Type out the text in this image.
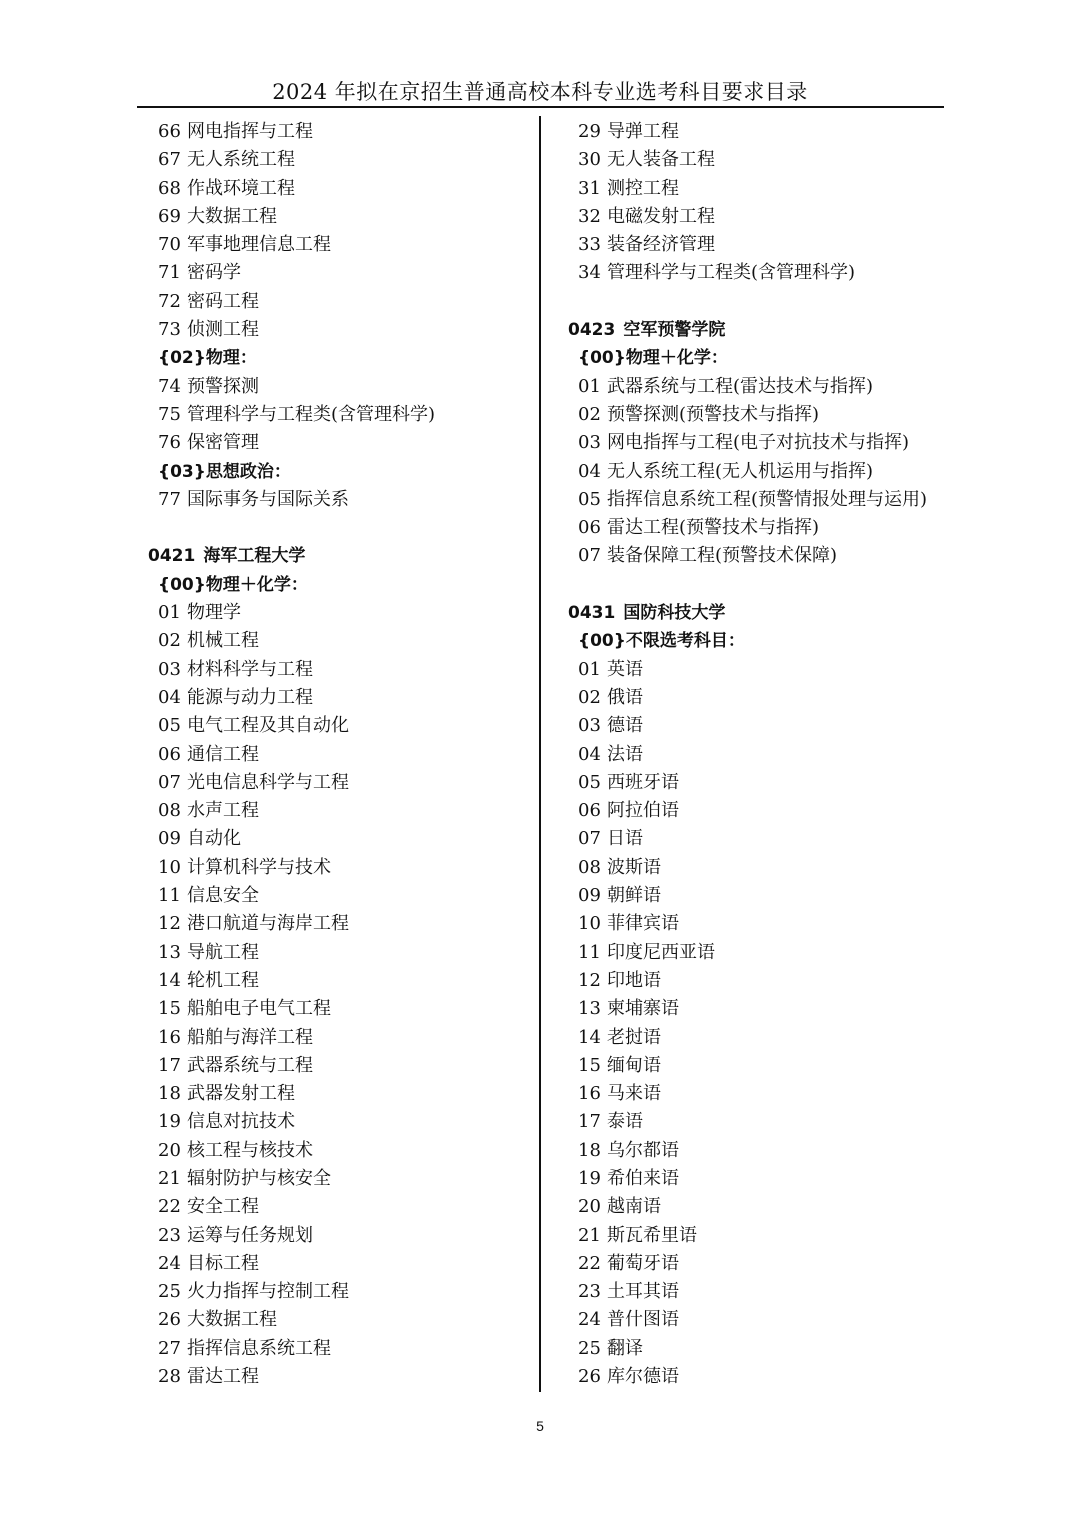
2024 年拟在京招生普通高校本科专业选考科目要求目录
66 网电指挥与工程
67 无人系统工程
68 作战环境工程
69 大数据工程
70 军事地理信息工程
71 密码学
72 密码工程
73 侦测工程
{02}物理：
74 预警探测
75 管理科学与工程类(含管理科学)
76 保密管理
{03}思想政治：
77 国际事务与国际关系
0421 海军工程大学
{00}物理＋化学：
01 物理学
02 机械工程
03 材料科学与工程
04 能源与动力工程
05 电气工程及其自动化
06 通信工程
07 光电信息科学与工程
08 水声工程
09 自动化
10 计算机科学与技术
11 信息安全
12 港口航道与海岸工程
13 导航工程
14 轮机工程
15 船舶电子电气工程
16 船舶与海洋工程
17 武器系统与工程
18 武器发射工程
19 信息对抗技术
20 核工程与核技术
21 辐射防护与核安全
22 安全工程
23 运筹与任务规划
24 目标工程
25 火力指挥与控制工程
26 大数据工程
27 指挥信息系统工程
28 雷达工程
29 导弹工程
30 无人装备工程
31 测控工程
32 电磁发射工程
33 装备经济管理
34 管理科学与工程类(含管理科学)
0423 空军预警学院
{00}物理＋化学：
01 武器系统与工程(雷达技术与指挥)
02 预警探测(预警技术与指挥)
03 网电指挥与工程(电子对抗技术与指挥)
04 无人系统工程(无人机运用与指挥)
05 指挥信息系统工程(预警情报处理与运用)
06 雷达工程(预警技术与指挥)
07 装备保障工程(预警技术保障)
0431 国防科技大学
{00}不限选考科目：
01 英语
02 俄语
03 德语
04 法语
05 西班牙语
06 阿拉伯语
07 日语
08 波斯语
09 朝鲜语
10 菲律宾语
11 印度尼西亚语
12 印地语
13 柬埔寨语
14 老挝语
15 缅甸语
16 马来语
17 泰语
18 乌尔都语
19 希伯来语
20 越南语
21 斯瓦希里语
22 葡萄牙语
23 土耳其语
24 普什图语
25 翻译
26 库尔德语
5
